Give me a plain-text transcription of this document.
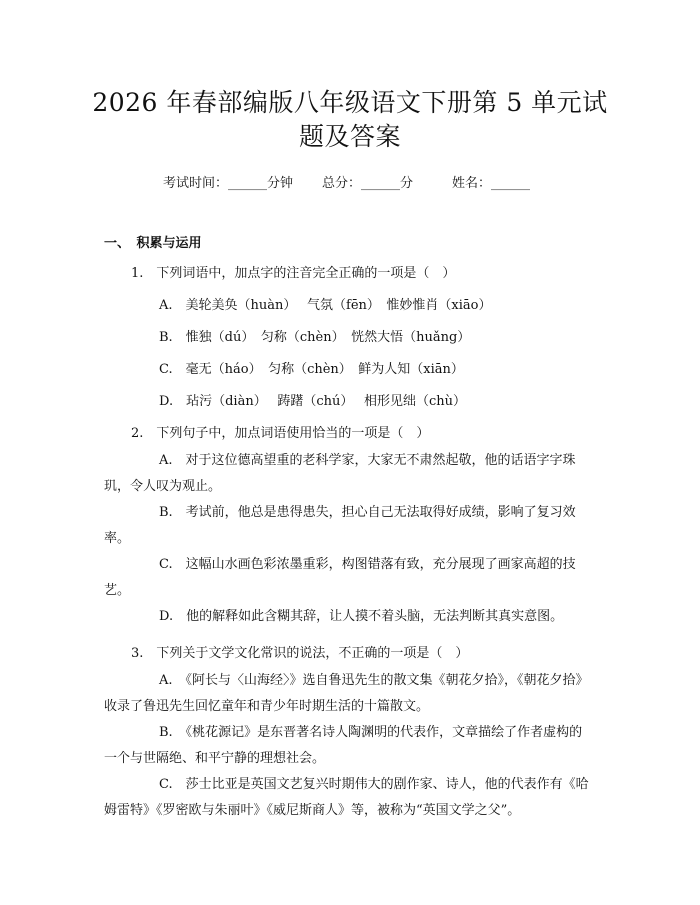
2026 年春部编版八年级语文下册第 5 单元试
题及答案
考试时间：______分钟 总分：______分	姓名：______
一、　积累与运用
1.　下列词语中，加点字的注音完全正确的一项是（　）
A.　美轮美奂（huàn）　 气氛（fēn）　惟妙惟肖（xiāo）
B.　惟独（dú）　匀称（chèn）　恍然大悟（huǎng）
C.　毫无（háo）　匀称（chèn）　鲜为人知（xiān）
D.　玷污（diàn）　 踌躇（chú）　 相形见绌（chù）
2.　下列句子中，加点词语使用恰当的一项是（　）
A.　对于这位德高望重的老科学家，大家无不肃然起敬，他的话语字字珠玑，令人叹为观止。
B.　考试前，他总是患得患失，担心自己无法取得好成绩，影响了复习效率。
C.　这幅山水画色彩浓墨重彩，构图错落有致，充分展现了画家高超的技艺。
D.　他的解释如此含糊其辞，让人摸不着头脑，无法判断其真实意图。
3.　下列关于文学文化常识的说法，不正确的一项是（　）
A.　《阿长与〈山海经〉》选自鲁迅先生的散文集《朝花夕拾》，《朝花夕拾》收录了鲁迅先生回忆童年和青少年时期生活的十篇散文。
B.　《桃花源记》是东晋著名诗人陶渊明的代表作，文章描绘了作者虚构的一个与世隔绝、和平宁静的理想社会。
C.　莎士比亚是英国文艺复兴时期伟大的剧作家、诗人，他的代表作有《哈姆雷特》《罗密欧与朱丽叶》《威尼斯商人》等，被称为“英国文学之父”。
